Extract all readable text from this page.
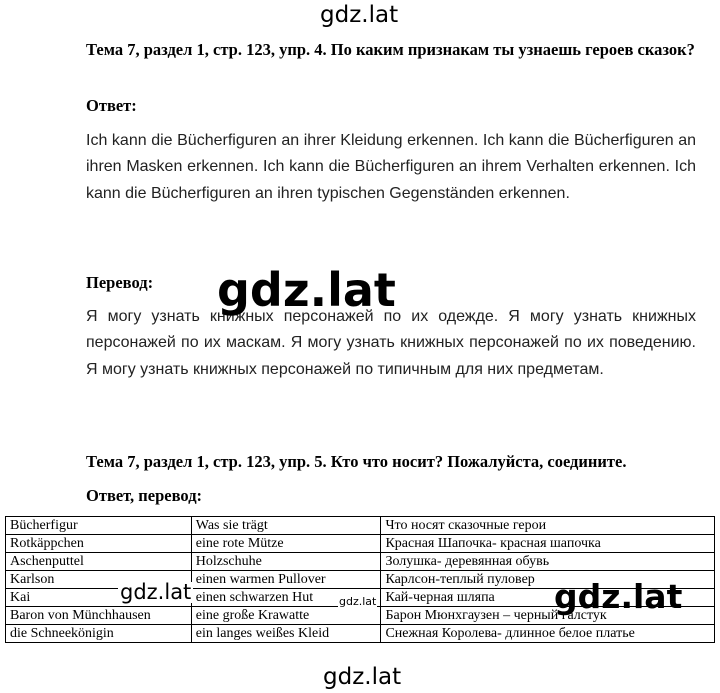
Тема 7, раздел 1, стр. 123, упр. 4. По каким признакам ты узнаешь героев сказок?
Ответ:
Ich kann die Bücherfiguren an ihrer Kleidung erkennen. Ich kann die Bücherfiguren an ihren Masken erkennen. Ich kann die Bücherfiguren an ihrem Verhalten erkennen. Ich kann die Bücherfiguren an ihren typischen Gegenständen erkennen.
Перевод:
Я могу узнать книжных персонажей по их одежде. Я могу узнать книжных персонажей по их маскам. Я могу узнать книжных персонажей по их поведению. Я могу узнать книжных персонажей по типичным для них предметам.
Тема 7, раздел 1, стр. 123, упр. 5. Кто что носит? Пожалуйста, соедините.
Ответ, перевод:
Bücherfigur	Was sie trägt	Что носят сказочные герои
Rotkäppchen	eine rote Mütze	Красная Шапочка- красная шапочка
Aschenputtel	Holzschuhe	Золушка- деревянная обувь
Karlson	einen warmen Pullover	Карлсон-теплый пуловер
Kai	einen schwarzen Hut	Кай-черная шляпа
Baron von Münchhausen	eine große Krawatte	Барон Мюнхгаузен – черный галстук
die Schneekönigin	ein langes weißes Kleid	Снежная Королева- длинное белое платье
gdz.lat
gdz.lat
gdz.lat	gdz.lat	gdz.lat
gdz.lat
